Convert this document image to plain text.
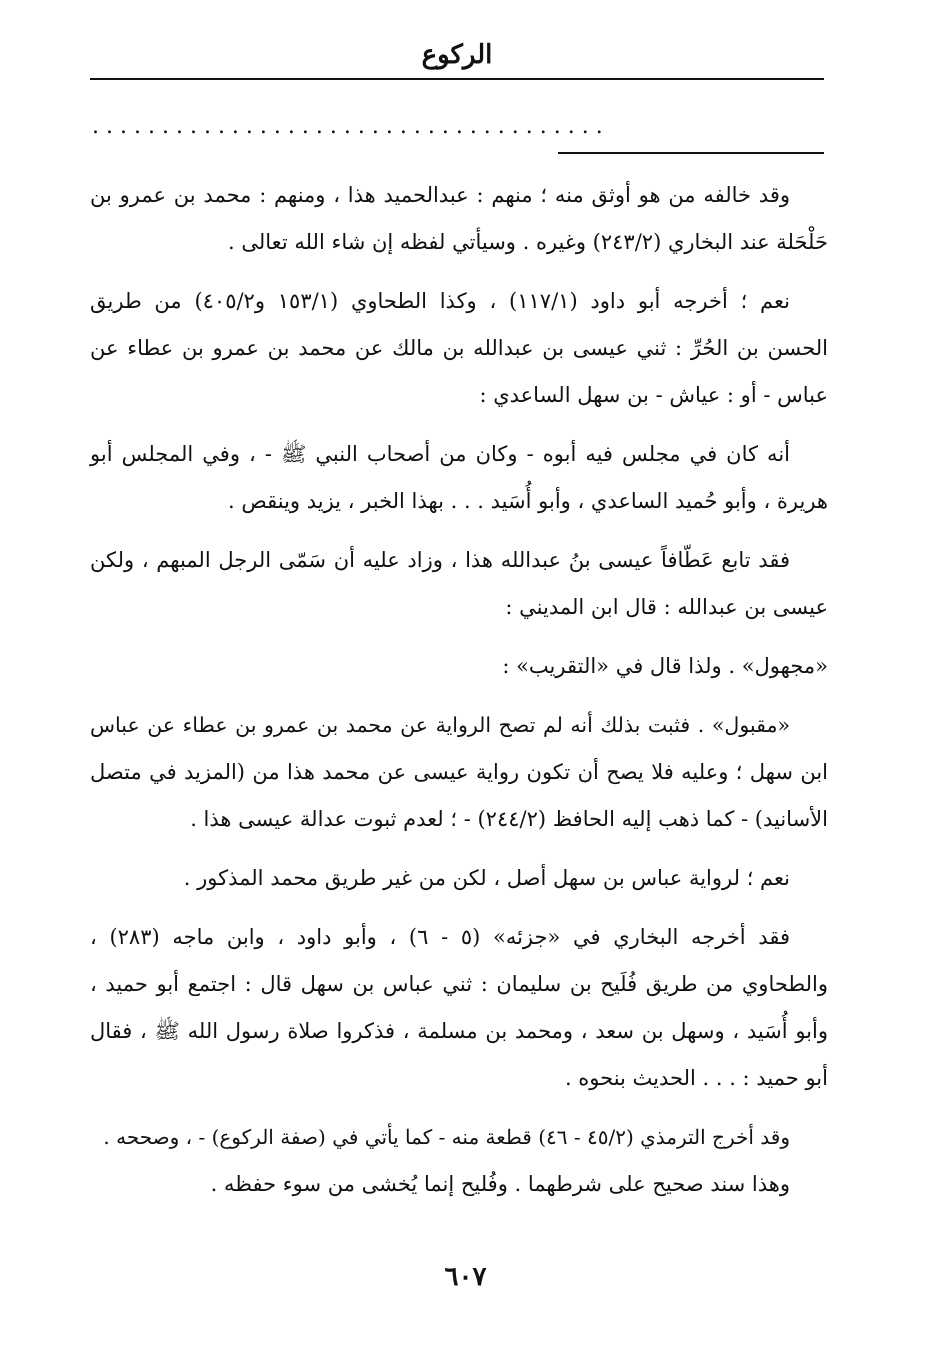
الركوع
.....................................
وقد خالفه من هو أوثق منه ؛ منهم : عبدالحميد هذا ، ومنهم : محمد بن عمرو بن
حَلْحَلة عند البخاري (٢٤٣/٢) وغيره . وسيأتي لفظه إن شاء الله تعالى .
نعم ؛ أخرجه أبو داود (١١٧/١) ، وكذا الطحاوي (١٥٣/١ و٤٠٥/٢) من طريق
الحسن بن الحُرِّ : ثني عيسى بن عبدالله بن مالك عن محمد بن عمرو بن عطاء عن
عباس - أو : عياش - بن سهل الساعدي :
أنه كان في مجلس فيه أبوه - وكان من أصحاب النبي ﷺ - ، وفي المجلس أبو
هريرة ، وأبو حُميد الساعدي ، وأبو أُسَيد . . . بهذا الخبر ، يزيد وينقص .
فقد تابع عَطّافاً عيسى بنُ عبدالله هذا ، وزاد عليه أن سَمّى الرجل المبهم ، ولكن
عيسى بن عبدالله : قال ابن المديني :
«مجهول» . ولذا قال في «التقريب» :
«مقبول» . فثبت بذلك أنه لم تصح الرواية عن محمد بن عمرو بن عطاء عن عباس
ابن سهل ؛ وعليه فلا يصح أن تكون رواية عيسى عن محمد هذا من (المزيد في متصل
الأسانيد) - كما ذهب إليه الحافظ (٢٤٤/٢) - ؛ لعدم ثبوت عدالة عيسى هذا .
نعم ؛ لرواية عباس بن سهل أصل ، لكن من غير طريق محمد المذكور .
فقد أخرجه البخاري في «جزئه» (٥ - ٦) ، وأبو داود ، وابن ماجه (٢٨٣) ،
والطحاوي من طريق فُلَيح بن سليمان : ثني عباس بن سهل قال : اجتمع أبو حميد ،
وأبو أُسَيد ، وسهل بن سعد ، ومحمد بن مسلمة ، فذكروا صلاة رسول الله ﷺ ، فقال
أبو حميد : . . . الحديث بنحوه .
وقد أخرج الترمذي (٤٥/٢ - ٤٦) قطعة منه - كما يأتي في (صفة الركوع) - ، وصححه .
وهذا سند صحيح على شرطهما . وفُليح إنما يُخشى من سوء حفظه .
٦٠٧
